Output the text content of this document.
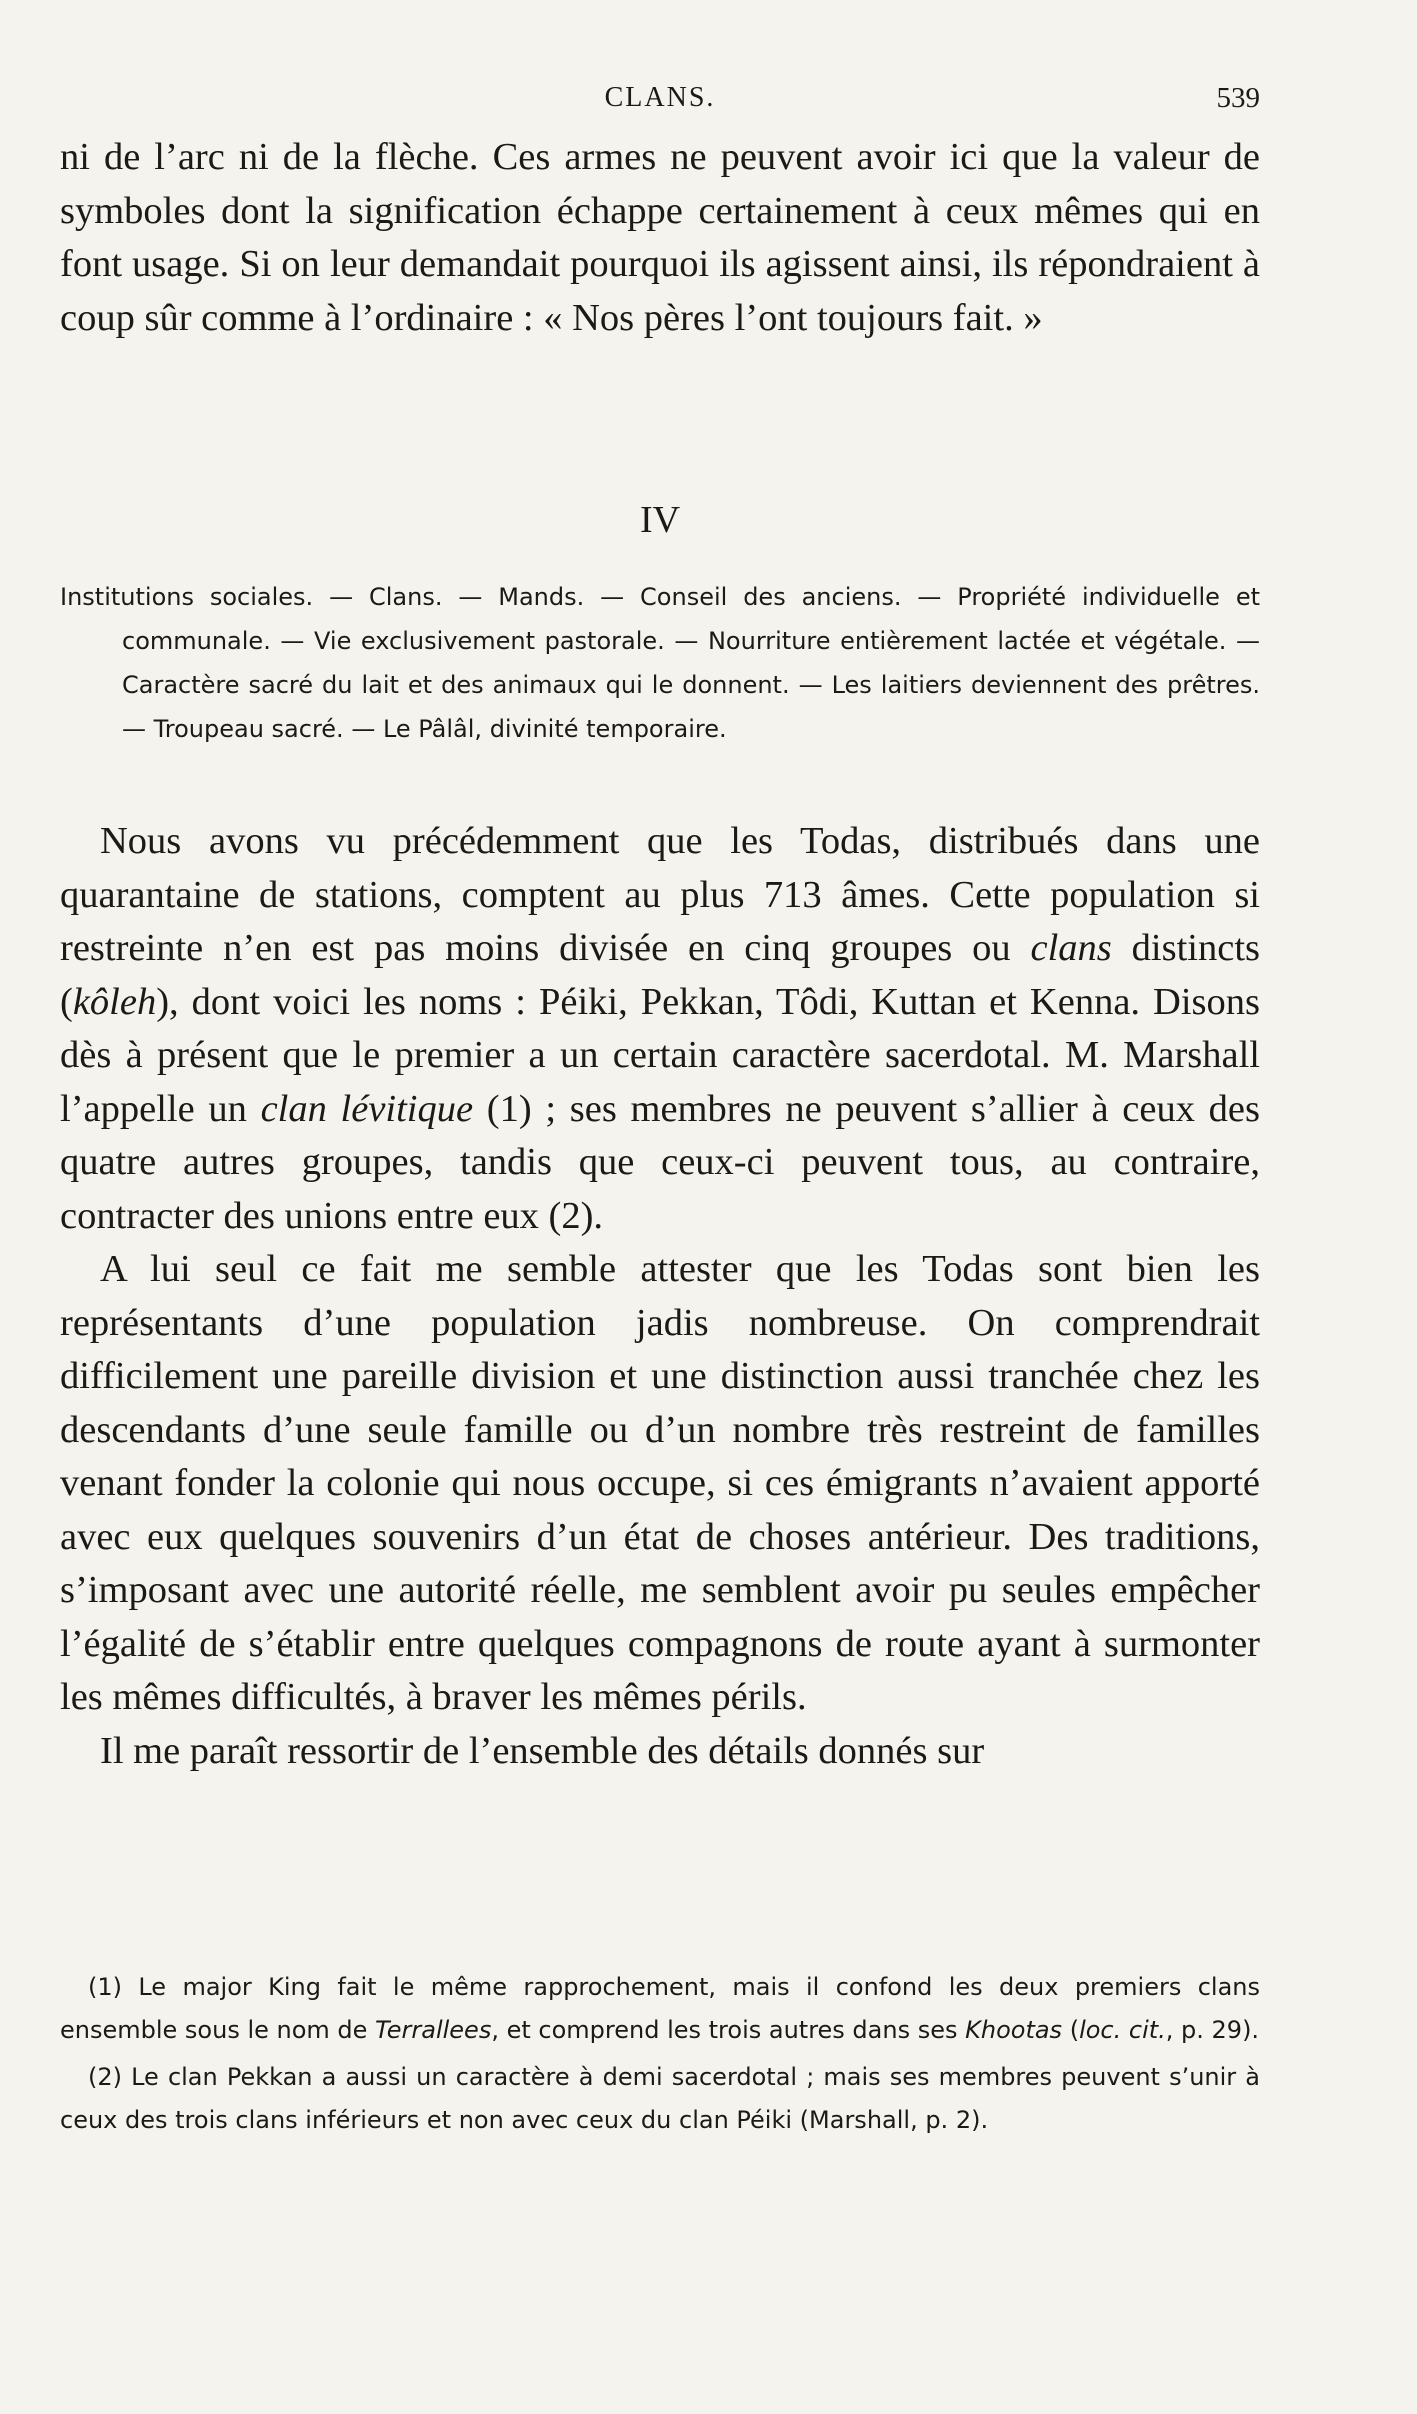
CLANS.	539

ni de l’arc ni de la flèche. Ces armes ne peuvent avoir ici que la valeur de symboles dont la signification échappe certainement à ceux mêmes qui en font usage. Si on leur demandait pourquoi ils agissent ainsi, ils répondraient à coup sûr comme à l’ordinaire : « Nos pères l’ont toujours fait. »

IV
Institutions sociales. — Clans. — Mands. — Conseil des anciens. — Propriété individuelle et communale. — Vie exclusivement pastorale. — Nourriture entièrement lactée et végétale. — Caractère sacré du lait et des animaux qui le donnent. — Les laitiers deviennent des prêtres. — Troupeau sacré. — Le Pâlâl, divinité temporaire.

Nous avons vu précédemment que les Todas, distribués dans une quarantaine de stations, comptent au plus 713 âmes. Cette population si restreinte n’en est pas moins divisée en cinq groupes ou clans distincts (kôleh), dont voici les noms : Péiki, Pekkan, Tôdi, Kuttan et Kenna. Disons dès à présent que le premier a un certain caractère sacerdotal. M. Marshall l’appelle un clan lévitique (1) ; ses membres ne peuvent s’allier à ceux des quatre autres groupes, tandis que ceux-ci peuvent tous, au contraire, contracter des unions entre eux (2).

A lui seul ce fait me semble attester que les Todas sont bien les représentants d’une population jadis nombreuse. On comprendrait difficilement une pareille division et une distinction aussi tranchée chez les descendants d’une seule famille ou d’un nombre très restreint de familles venant fonder la colonie qui nous occupe, si ces émigrants n’avaient apporté avec eux quelques souvenirs d’un état de choses antérieur. Des traditions, s’imposant avec une autorité réelle, me semblent avoir pu seules empêcher l’égalité de s’établir entre quelques compagnons de route ayant à surmonter les mêmes difficultés, à braver les mêmes périls.

Il me paraît ressortir de l’ensemble des détails donnés sur

(1) Le major King fait le même rapprochement, mais il confond les deux premiers clans ensemble sous le nom de Terrallees, et comprend les trois autres dans ses Khootas (loc. cit., p. 29).

(2) Le clan Pekkan a aussi un caractère à demi sacerdotal ; mais ses membres peuvent s’unir à ceux des trois clans inférieurs et non avec ceux du clan Péiki (Marshall, p. 2).
